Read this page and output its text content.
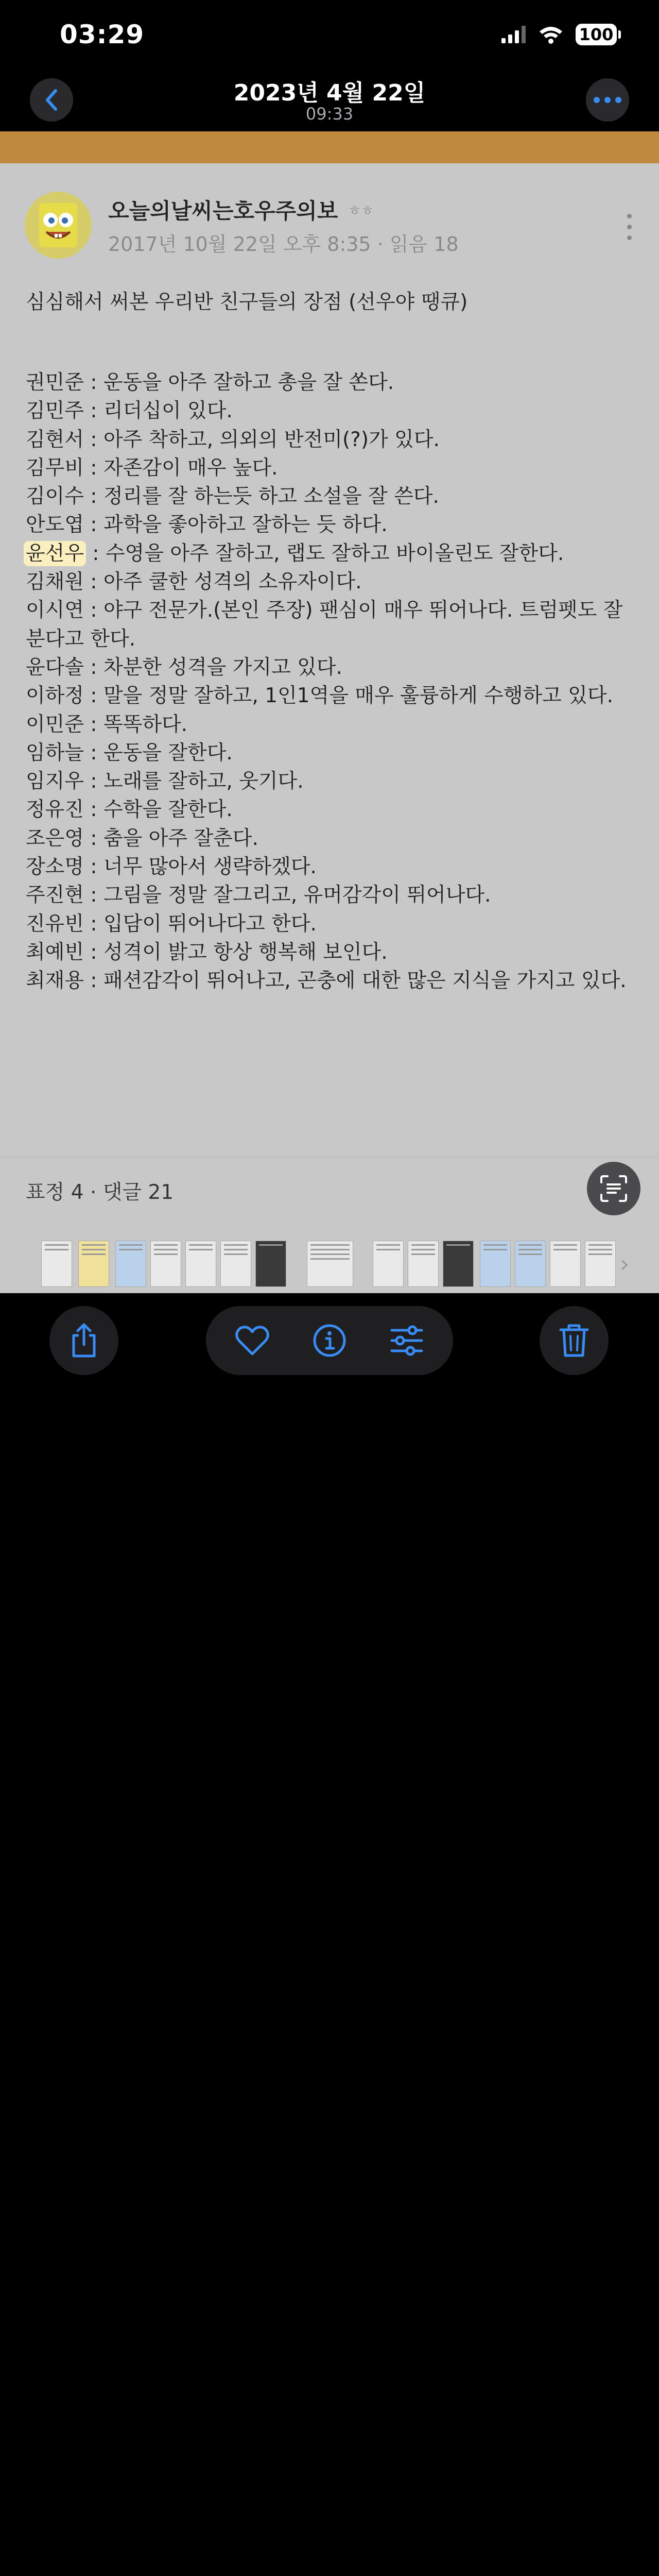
03:29	100
2023년 4월 22일
09:33
오늘의날씨는호우주의보 ㅎㅎ
2017년 10월 22일 오후 8:35 · 읽음 18
심심해서 써본 우리반 친구들의 장점 (선우야 땡큐)
권민준 : 운동을 아주 잘하고 총을 잘 쏜다.
김민주 : 리더십이 있다.
김현서 : 아주 착하고, 의외의 반전미(?)가 있다.
김무비 : 자존감이 매우 높다.
김이수 : 정리를 잘 하는듯 하고 소설을 잘 쓴다.
안도엽 : 과학을 좋아하고 잘하는 듯 하다.
윤선우 : 수영을 아주 잘하고, 랩도 잘하고 바이올린도 잘한다.
김채원 : 아주 쿨한 성격의 소유자이다.
이시연 : 야구 전문가.(본인 주장) 팬심이 매우 뛰어나다. 트럼펫도 잘
분다고 한다.
윤다솔 : 차분한 성격을 가지고 있다.
이하정 : 말을 정말 잘하고, 1인1역을 매우 훌륭하게 수행하고 있다.
이민준 : 똑똑하다.
임하늘 : 운동을 잘한다.
임지우 : 노래를 잘하고, 웃기다.
정유진 : 수학을 잘한다.
조은영 : 춤을 아주 잘춘다.
장소명 : 너무 많아서 생략하겠다.
주진현 : 그림을 정말 잘그리고, 유머감각이 뛰어나다.
진유빈 : 입담이 뛰어나다고 한다.
최예빈 : 성격이 밝고 항상 행복해 보인다.
최재용 : 패션감각이 뛰어나고, 곤충에 대한 많은 지식을 가지고 있다.
표정 4 · 댓글 21
›
